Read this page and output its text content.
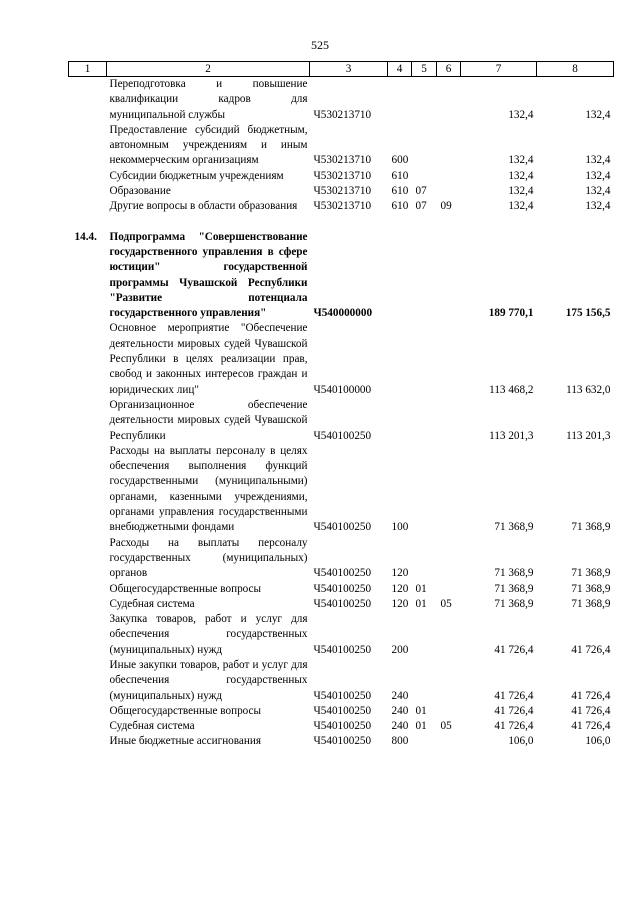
525
1	2	3	4	5	6	7	8
	Переподготовка и повышение квалификации кадров для муниципальной службы	Ч530213710				132,4	132,4
	Предоставление субсидий бюджетным, автономным учреждениям и иным некоммерческим организациям	Ч530213710	600			132,4	132,4
	Субсидии бюджетным учреждениям	Ч530213710	610			132,4	132,4
	Образование	Ч530213710	610	07		132,4	132,4
	Другие вопросы в области образования	Ч530213710	610	07	09	132,4	132,4

14.4.	Подпрограмма "Совершенствование государственного управления в сфере юстиции" государственной программы Чувашской Республики "Развитие потенциала государственного управления"	Ч540000000				189 770,1	175 156,5
	Основное мероприятие "Обеспечение деятельности мировых судей Чувашской Республики в целях реализации прав, свобод и законных интересов граждан и юридических лиц"	Ч540100000				113 468,2	113 632,0
	Организационное обеспечение деятельности мировых судей Чувашской Республики	Ч540100250				113 201,3	113 201,3
	Расходы на выплаты персоналу в целях обеспечения выполнения функций государственными (муниципальными) органами, казенными учреждениями, органами управления государственными внебюджетными фондами	Ч540100250	100			71 368,9	71 368,9
	Расходы на выплаты персоналу государственных (муниципальных) органов	Ч540100250	120			71 368,9	71 368,9
	Общегосударственные вопросы	Ч540100250	120	01		71 368,9	71 368,9
	Судебная система	Ч540100250	120	01	05	71 368,9	71 368,9
	Закупка товаров, работ и услуг для обеспечения государственных (муниципальных) нужд	Ч540100250	200			41 726,4	41 726,4
	Иные закупки товаров, работ и услуг для обеспечения государственных (муниципальных) нужд	Ч540100250	240			41 726,4	41 726,4
	Общегосударственные вопросы	Ч540100250	240	01		41 726,4	41 726,4
	Судебная система	Ч540100250	240	01	05	41 726,4	41 726,4
	Иные бюджетные ассигнования	Ч540100250	800			106,0	106,0
